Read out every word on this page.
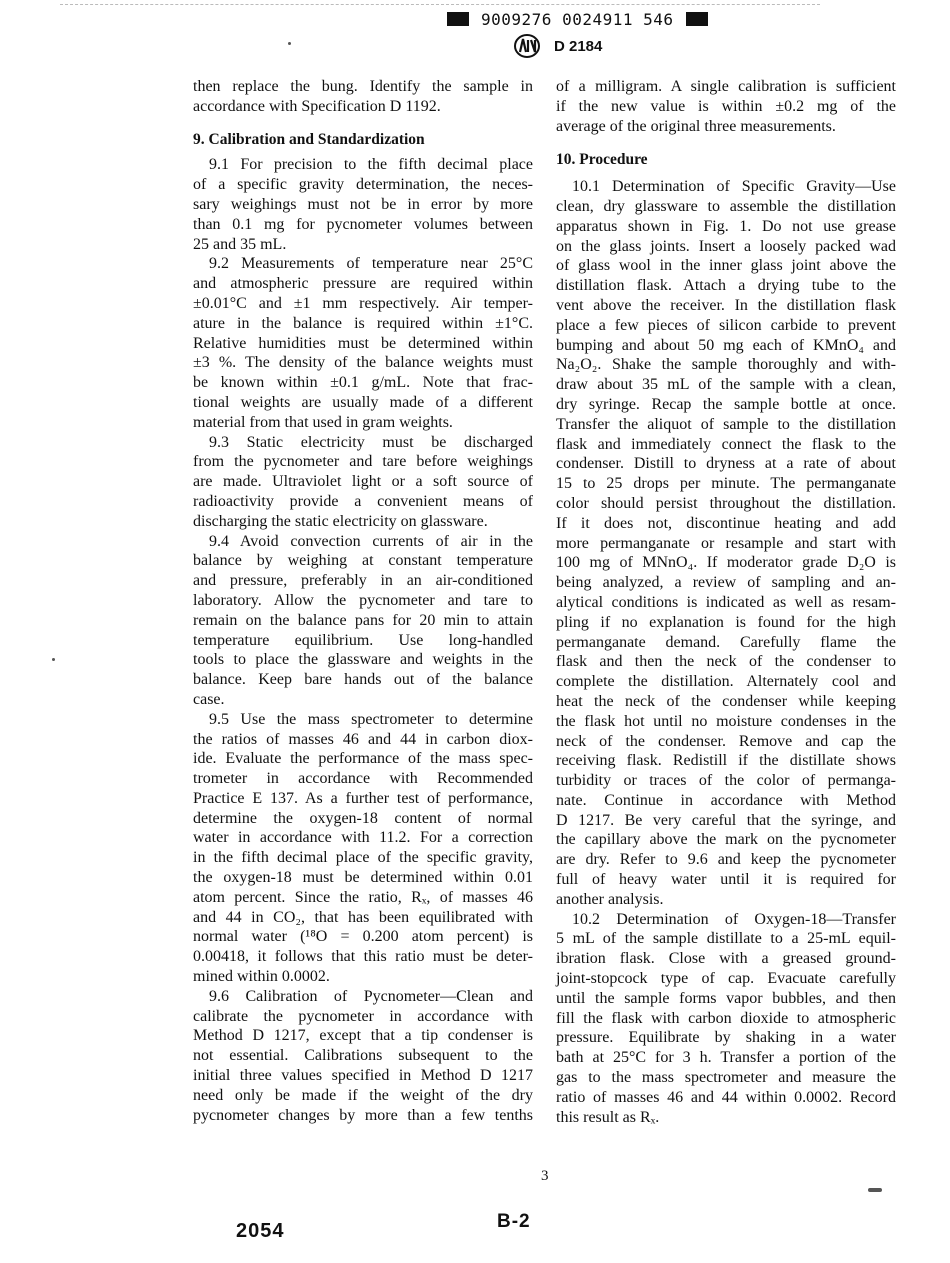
9009276 0024911 546
D 2184
then replace the bung. Identify the sample in
accordance with Specification D 1192.
9. Calibration and Standardization
9.1 For precision to the fifth decimal place
of a specific gravity determination, the neces-
sary weighings must not be in error by more
than 0.1 mg for pycnometer volumes between
25 and 35 mL.
9.2 Measurements of temperature near 25°C
and atmospheric pressure are required within
±0.01°C and ±1 mm respectively. Air temper-
ature in the balance is required within ±1°C.
Relative humidities must be determined within
±3 %. The density of the balance weights must
be known within ±0.1 g/mL. Note that frac-
tional weights are usually made of a different
material from that used in gram weights.
9.3 Static electricity must be discharged
from the pycnometer and tare before weighings
are made. Ultraviolet light or a soft source of
radioactivity provide a convenient means of
discharging the static electricity on glassware.
9.4 Avoid convection currents of air in the
balance by weighing at constant temperature
and pressure, preferably in an air-conditioned
laboratory. Allow the pycnometer and tare to
remain on the balance pans for 20 min to attain
temperature equilibrium. Use long-handled
tools to place the glassware and weights in the
balance. Keep bare hands out of the balance
case.
9.5 Use the mass spectrometer to determine
the ratios of masses 46 and 44 in carbon diox-
ide. Evaluate the performance of the mass spec-
trometer in accordance with Recommended
Practice E 137. As a further test of performance,
determine the oxygen-18 content of normal
water in accordance with 11.2. For a correction
in the fifth decimal place of the specific gravity,
the oxygen-18 must be determined within 0.01
atom percent. Since the ratio, Rₓ, of masses 46
and 44 in CO₂, that has been equilibrated with
normal water (¹⁸O = 0.200 atom percent) is
0.00418, it follows that this ratio must be deter-
mined within 0.0002.
9.6 Calibration of Pycnometer—Clean and
calibrate the pycnometer in accordance with
Method D 1217, except that a tip condenser is
not essential. Calibrations subsequent to the
initial three values specified in Method D 1217
need only be made if the weight of the dry
pycnometer changes by more than a few tenths
of a milligram. A single calibration is sufficient
if the new value is within ±0.2 mg of the
average of the original three measurements.
10. Procedure
10.1 Determination of Specific Gravity—Use
clean, dry glassware to assemble the distillation
apparatus shown in Fig. 1. Do not use grease
on the glass joints. Insert a loosely packed wad
of glass wool in the inner glass joint above the
distillation flask. Attach a drying tube to the
vent above the receiver. In the distillation flask
place a few pieces of silicon carbide to prevent
bumping and about 50 mg each of KMnO₄ and
Na₂O₂. Shake the sample thoroughly and with-
draw about 35 mL of the sample with a clean,
dry syringe. Recap the sample bottle at once.
Transfer the aliquot of sample to the distillation
flask and immediately connect the flask to the
condenser. Distill to dryness at a rate of about
15 to 25 drops per minute. The permanganate
color should persist throughout the distillation.
If it does not, discontinue heating and add
more permanganate or resample and start with
100 mg of MNnO₄. If moderator grade D₂O is
being analyzed, a review of sampling and an-
alytical conditions is indicated as well as resam-
pling if no explanation is found for the high
permanganate demand. Carefully flame the
flask and then the neck of the condenser to
complete the distillation. Alternately cool and
heat the neck of the condenser while keeping
the flask hot until no moisture condenses in the
neck of the condenser. Remove and cap the
receiving flask. Redistill if the distillate shows
turbidity or traces of the color of permanga-
nate. Continue in accordance with Method
D 1217. Be very careful that the syringe, and
the capillary above the mark on the pycnometer
are dry. Refer to 9.6 and keep the pycnometer
full of heavy water until it is required for
another analysis.
10.2 Determination of Oxygen-18—Transfer
5 mL of the sample distillate to a 25-mL equil-
ibration flask. Close with a greased ground-
joint-stopcock type of cap. Evacuate carefully
until the sample forms vapor bubbles, and then
fill the flask with carbon dioxide to atmospheric
pressure. Equilibrate by shaking in a water
bath at 25°C for 3 h. Transfer a portion of the
gas to the mass spectrometer and measure the
ratio of masses 46 and 44 within 0.0002. Record
this result as Rₓ.
3
B-2
2054
